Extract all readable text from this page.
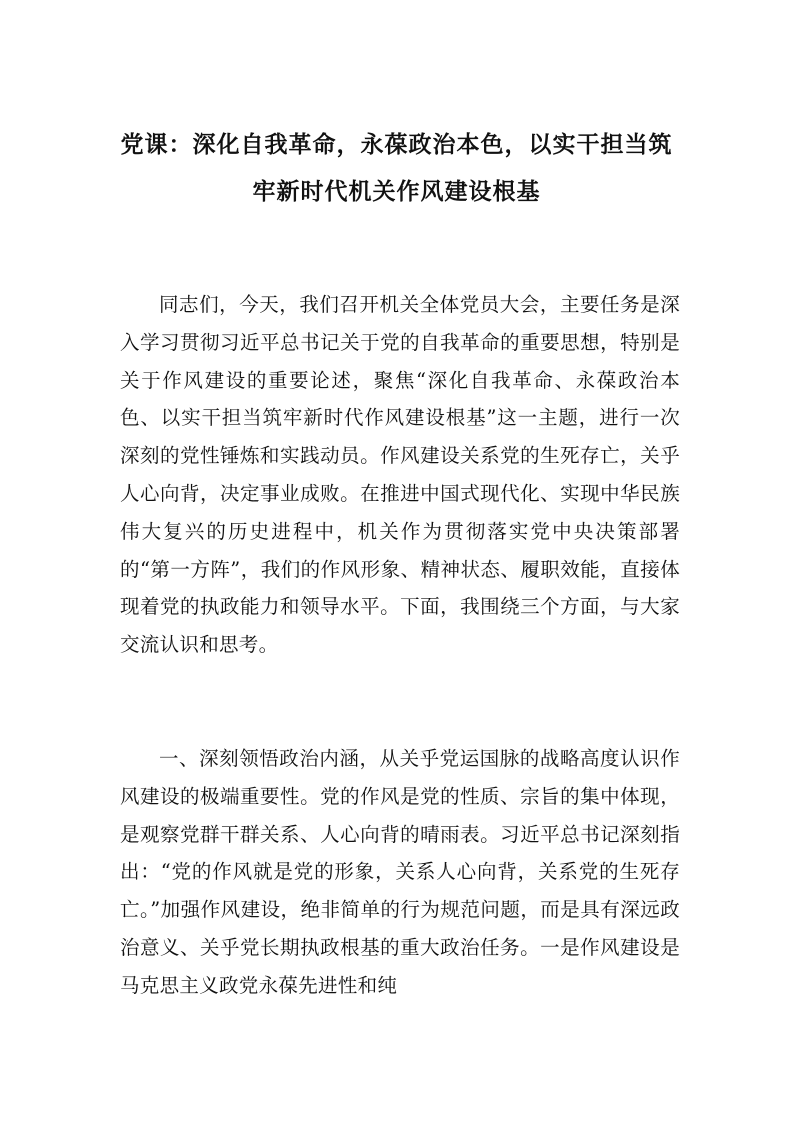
党课：深化自我革命，永葆政治本色，以实干担当筑
牢新时代机关作风建设根基

同志们，今天，我们召开机关全体党员大会，主要任务是深入学习贯彻习近平总书记关于党的自我革命的重要思想，特别是关于作风建设的重要论述，聚焦“深化自我革命、永葆政治本色、以实干担当筑牢新时代作风建设根基”这一主题，进行一次深刻的党性锤炼和实践动员。作风建设关系党的生死存亡，关乎人心向背，决定事业成败。在推进中国式现代化、实现中华民族伟大复兴的历史进程中，机关作为贯彻落实党中央决策部署的“第一方阵”，我们的作风形象、精神状态、履职效能，直接体现着党的执政能力和领导水平。下面，我围绕三个方面，与大家交流认识和思考。

一、深刻领悟政治内涵，从关乎党运国脉的战略高度认识作风建设的极端重要性。党的作风是党的性质、宗旨的集中体现，是观察党群干群关系、人心向背的晴雨表。习近平总书记深刻指出：“党的作风就是党的形象，关系人心向背，关系党的生死存亡。”加强作风建设，绝非简单的行为规范问题，而是具有深远政治意义、关乎党长期执政根基的重大政治任务。一是作风建设是马克思主义政党永葆先进性和纯
